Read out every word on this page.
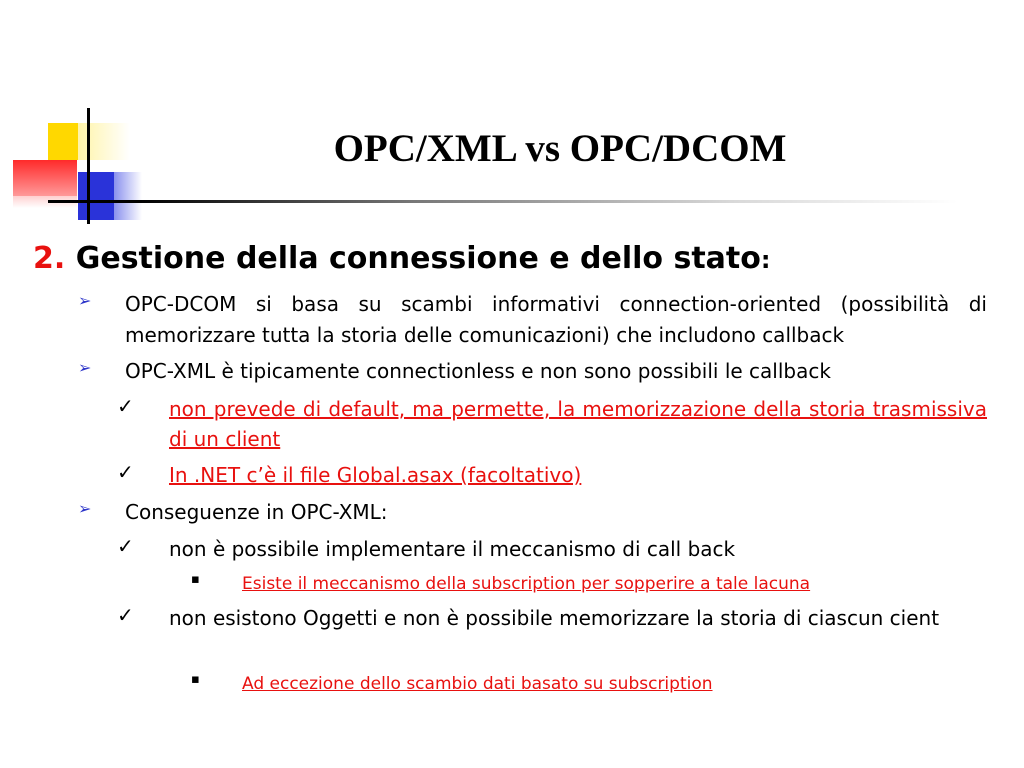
OPC/XML vs OPC/DCOM
2. Gestione della connessione e dello stato:
➢ OPC-DCOM si basa su scambi informativi connection-oriented (possibilità di memorizzare tutta la storia delle comunicazioni) che includono callback
➢ OPC-XML è tipicamente connectionless e non sono possibili le callback
✓ non prevede di default, ma permette, la memorizzazione della storia trasmissiva di un client
✓ In .NET c’è il file Global.asax (facoltativo)
➢ Conseguenze in OPC-XML:
✓ non è possibile implementare il meccanismo di call back
▪ Esiste il meccanismo della subscription per sopperire a tale lacuna
✓ non esistono Oggetti e non è possibile memorizzare la storia di ciascun cient
▪ Ad eccezione dello scambio dati basato su subscription
